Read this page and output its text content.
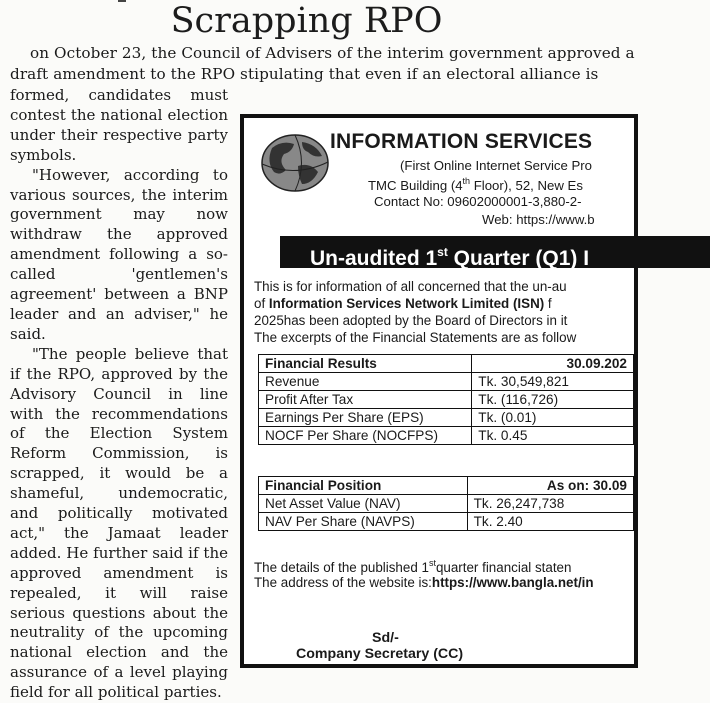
Scrapping RPO
on October 23, the Council of Advisers of the interim government approved a
draft amendment to the RPO stipulating that even if an electoral alliance is

formed, candidates must contest the national election under their respective party symbols.

"However, according to various sources, the interim government may now withdraw the approved amendment following a so-called 'gentlemen's agreement' between a BNP leader and an adviser," he said.

"The people believe that if the RPO, approved by the Advisory Council in line with the recommendations of the Election System Reform Commission, is scrapped, it would be a shameful, undemocratic, and politically motivated act," the Jamaat leader added. He further said if the approved amendment is repealed, it will raise serious questions about the neutrality of the upcoming national election and the assurance of a level playing field for all political parties.

INFORMATION SERVICES
(First Online Internet Service Pro
TMC Building (4th Floor), 52, New Es
Contact No: 09602000001-3,880-2-
Web: https://www.b
Un-audited 1st Quarter (Q1) I
This is for information of all concerned that the un-au
of Information Services Network Limited (ISN) f
2025has been adopted by the Board of Directors in it
The excerpts of the Financial Statements are as follow
Financial Results	30.09.202
Revenue	Tk. 30,549,821
Profit After Tax	Tk. (116,726)
Earnings Per Share (EPS)	Tk. (0.01)
NOCF Per Share (NOCFPS)	Tk. 0.45
Financial Position	As on: 30.09
Net Asset Value (NAV)	Tk. 26,247,738
NAV Per Share (NAVPS)	Tk. 2.40
The details of the published 1stquarter financial staten
The address of the website is:https://www.bangla.net/in
Sd/-
Company Secretary (CC)
